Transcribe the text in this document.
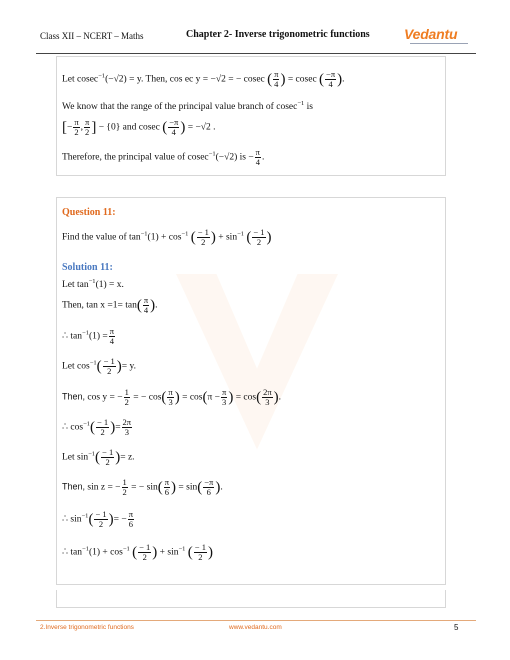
Class XII – NCERT – Maths	Chapter 2- Inverse trigonometric functions Vedantu
Let cosec$^{-1}$(−√2) = y. Then, cos ec y = −√2 = − cosec ( $\frac{\pi}{4}$ ) = cosec ( $\frac{-\pi}{4}$ ).
We know that the range of the principal value branch of cosec$^{-1}$ is
[− $\frac{\pi}{2}$ , $\frac{\pi}{2}$ ] − {0} and cosec ( $\frac{-\pi}{4}$ ) = −√2 .
Therefore, the principal value of cosec$^{-1}$(−√2) is − $\frac{\pi}{4}$ .
Question 11:
Find the value of $\tan^{-1}(1) + \cos^{-1}$ ( $\frac{- 1}{2}$ ) + $\sin^{-1}$ ( $\frac{- 1}{2}$ )
Solution 11:
Let $\tan^{-1}(1) = x$.
Then, $\tan x =1= \tan( \frac{\pi}{4}$ ).
∴ $\tan^{-1}(1) = \frac{\pi}{4}$
Let $\cos^{-1}( \frac{- 1}{2}$ )= y.
Then, cos y = − $\frac{1}{2}$ = − $\cos( \frac{\pi}{3}$ ) = $\cos(\pi - \frac{\pi}{3}$ ) = $\cos( \frac{2\pi}{3}$ ).
∴ $\cos^{-1}( \frac{- 1}{2}$ )= $\frac{2\pi}{3}$
Let $\sin^{-1}( \frac{- 1}{2}$ )= z.
Then, sin z = − $\frac{1}{2}$ = − $\sin( \frac{\pi}{6}$ ) = $\sin( \frac{-\pi}{6}$ ).
∴ $\sin^{-1}( \frac{- 1}{2}$ )= − $\frac{\pi}{6}$
∴ $\tan^{-1}(1) + \cos^{-1}$ ( $\frac{- 1}{2}$ ) + $\sin^{-1}$ ( $\frac{- 1}{2}$ )
2.Inverse trigonometric functions	www.vedantu.com	5
